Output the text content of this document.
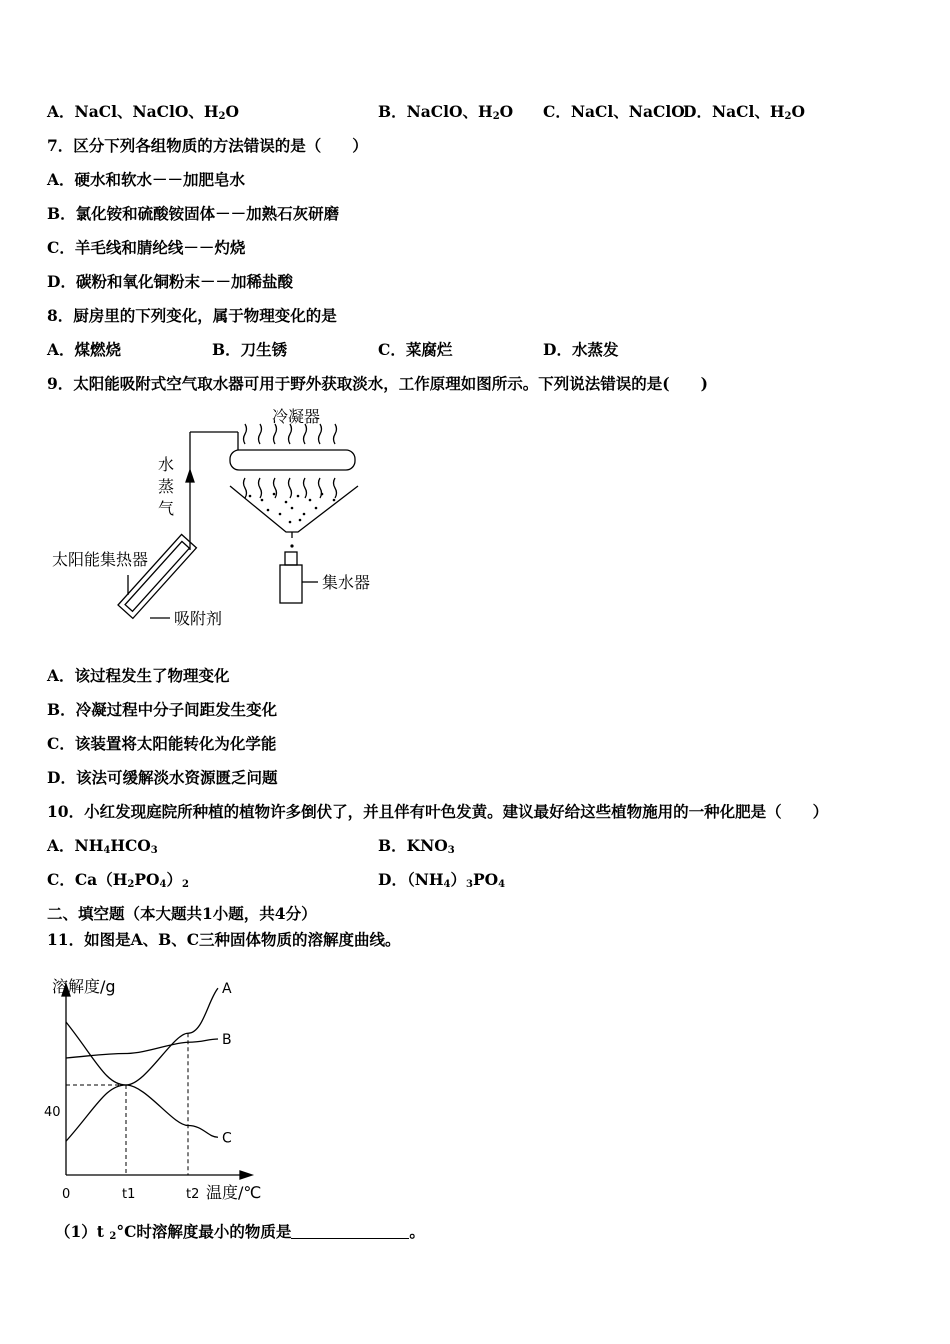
A．NaCl、NaClO、$H_2O$	B．NaClO、$H_2O$ C．NaCl、NaClO
D．NaCl、$H_2O$
7．区分下列各组物质的方法错误的是（　　）
A．硬水和软水－－加肥皂水
B．氯化铵和硫酸铵固体－－加熟石灰研磨
C．羊毛线和腈纶线－－灼烧
D．碳粉和氧化铜粉末－－加稀盐酸
8．厨房里的下列变化，属于物理变化的是
A．煤燃烧	B．刀生锈	C．菜腐烂	D．水蒸发
9．太阳能吸附式空气取水器可用于野外获取淡水，工作原理如图所示。下列说法错误的是(　　)
冷凝器
水
蒸
气
太阳能集热器
吸附剂
集水器
A．该过程发生了物理变化
B．冷凝过程中分子间距发生变化
C．该装置将太阳能转化为化学能
D．该法可缓解淡水资源匮乏问题
10．小红发现庭院所种植的植物许多倒伏了，并且伴有叶色发黄。建议最好给这些植物施用的一种化肥是（　　）
A．$NH_4HCO_3$	B．$KNO_3$
C．$Ca(H_2PO_4)_2$	D．$(NH_4)_3PO_4$
二、填空题（本大题共1小题，共4分）
11．如图是A、B、C三种固体物质的溶解度曲线。
A
B
C
溶解度/g
温度/℃
0	t1	t2
40
（1）t $_2$°C时溶解度最小的物质是	。
